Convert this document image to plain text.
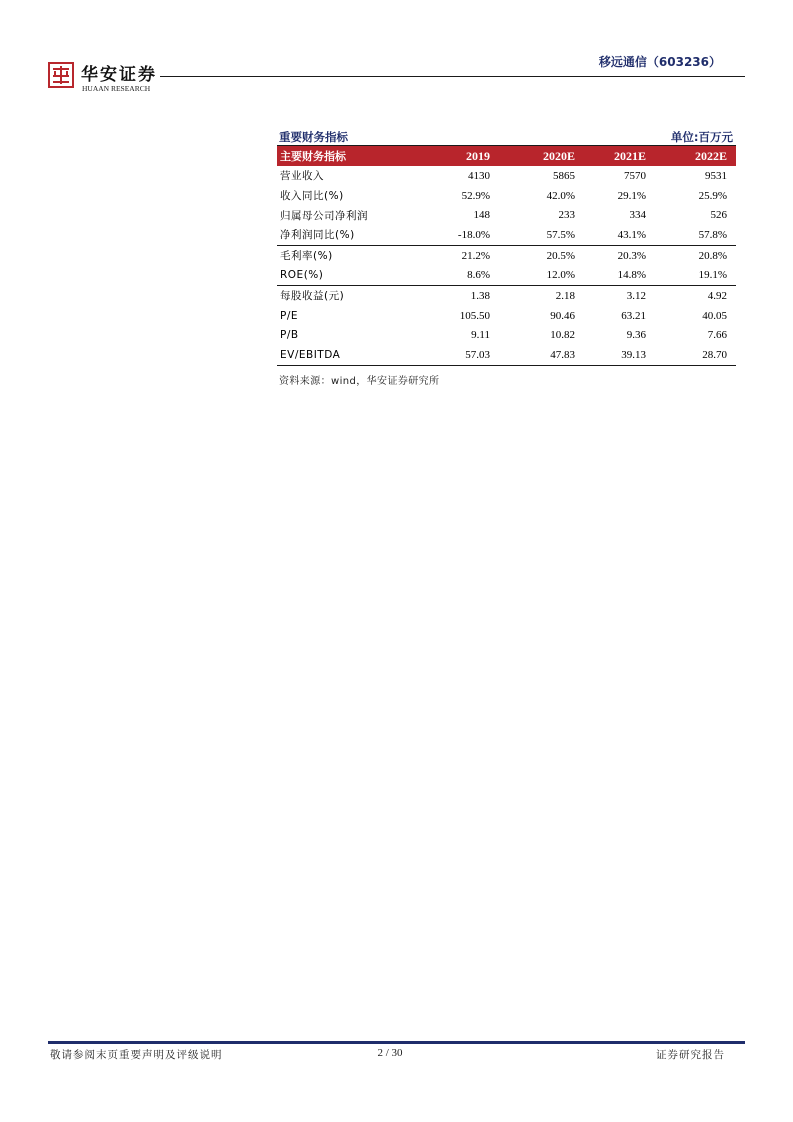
华安证券
HUAAN RESEARCH
移远通信（603236）
重要财务指标	单位:百万元
主要财务指标	2019	2020E	2021E	2022E
营业收入	4130	5865	7570	9531
收入同比(%)	52.9%	42.0%	29.1%	25.9%
归属母公司净利润	148	233	334	526
净利润同比(%)	-18.0%	57.5%	43.1%	57.8%
毛利率(%)	21.2%	20.5%	20.3%	20.8%
ROE(%)	8.6%	12.0%	14.8%	19.1%
每股收益(元)	1.38	2.18	3.12	4.92
P/E	105.50	90.46	63.21	40.05
P/B	9.11	10.82	9.36	7.66
EV/EBITDA	57.03	47.83	39.13	28.70
资料来源：wind，华安证券研究所
敬请参阅末页重要声明及评级说明	2 / 30	证券研究报告
